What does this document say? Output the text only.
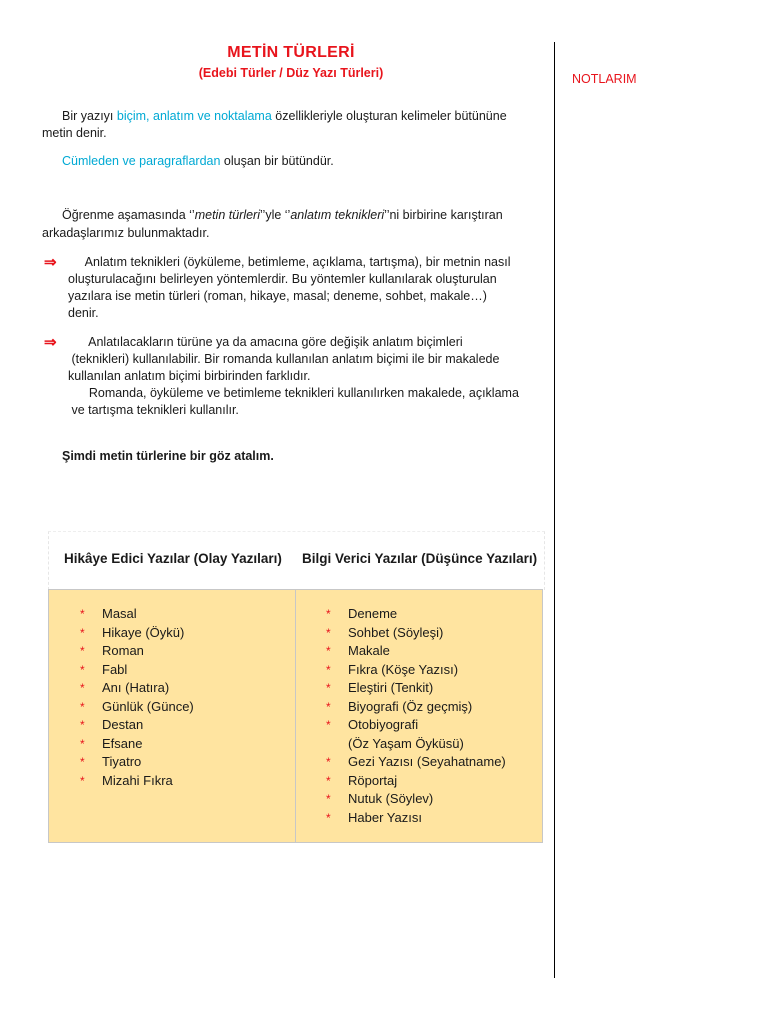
METİN TÜRLERİ
(Edebi Türler / Düz Yazı Türleri)	NOTLARIM
Bir yazıyı biçim, anlatım ve noktalama özellikleriyle oluşturan kelimeler bütününe
metin denir.
Cümleden ve paragraflardan oluşan bir bütündür.
Öğrenme aşamasında ‘’metin türleri’’yle ‘’anlatım teknikleri’’ni birbirine karıştıran
arkadaşlarımız bulunmaktadır.
⇒ Anlatım teknikleri (öyküleme, betimleme, açıklama, tartışma), bir metnin nasıl
oluşturulacağını belirleyen yöntemlerdir. Bu yöntemler kullanılarak oluşturulan
yazılara ise metin türleri (roman, hikaye, masal; deneme, sohbet, makale…)
denir.
⇒ Anlatılacakların türüne ya da amacına göre değişik anlatım biçimleri
(teknikleri) kullanılabilir. Bir romanda kullanılan anlatım biçimi ile bir makalede
kullanılan anlatım biçimi birbirinden farklıdır.
Romanda, öyküleme ve betimleme teknikleri kullanılırken makalede, açıklama
ve tartışma teknikleri kullanılır.
Şimdi metin türlerine bir göz atalım.
Hikâye Edici Yazılar (Olay Yazıları) Bilgi Verici Yazılar (Düşünce Yazıları)
* Masal
* Hikaye (Öykü)
* Roman
* Fabl
* Anı (Hatıra)
* Günlük (Günce)
* Destan
* Efsane
* Tiyatro
* Mizahi Fıkra
* Deneme
* Sohbet (Söyleşi)
* Makale
* Fıkra (Köşe Yazısı)
* Eleştiri (Tenkit)
* Biyografi (Öz geçmiş)
* Otobiyografi
(Öz Yaşam Öyküsü)
* Gezi Yazısı (Seyahatname)
* Röportaj
* Nutuk (Söylev)
* Haber Yazısı
